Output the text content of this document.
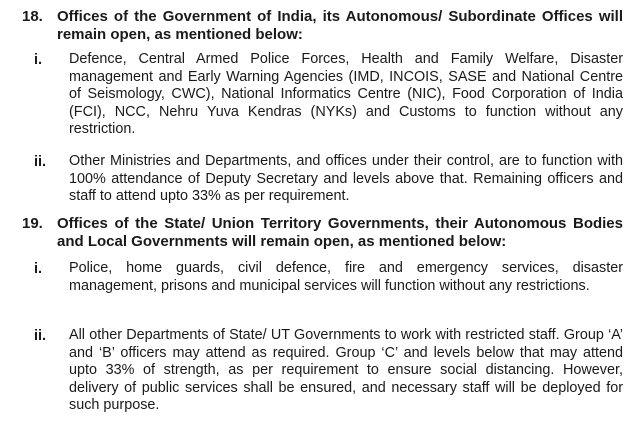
18. Offices of the Government of India, its Autonomous/ Subordinate Offices will remain open, as mentioned below:
i. Defence, Central Armed Police Forces, Health and Family Welfare, Disaster management and Early Warning Agencies (IMD, INCOIS, SASE and National Centre of Seismology, CWC), National Informatics Centre (NIC), Food Corporation of India (FCI), NCC, Nehru Yuva Kendras (NYKs) and Customs to function without any restriction.
ii. Other Ministries and Departments, and offices under their control, are to function with 100% attendance of Deputy Secretary and levels above that. Remaining officers and staff to attend upto 33% as per requirement.
19. Offices of the State/ Union Territory Governments, their Autonomous Bodies and Local Governments will remain open, as mentioned below:
i. Police, home guards, civil defence, fire and emergency services, disaster management, prisons and municipal services will function without any restrictions.
ii. All other Departments of State/ UT Governments to work with restricted staff. Group ‘A’ and ‘B’ officers may attend as required. Group ‘C’ and levels below that may attend upto 33% of strength, as per requirement to ensure social distancing. However, delivery of public services shall be ensured, and necessary staff will be deployed for such purpose.
